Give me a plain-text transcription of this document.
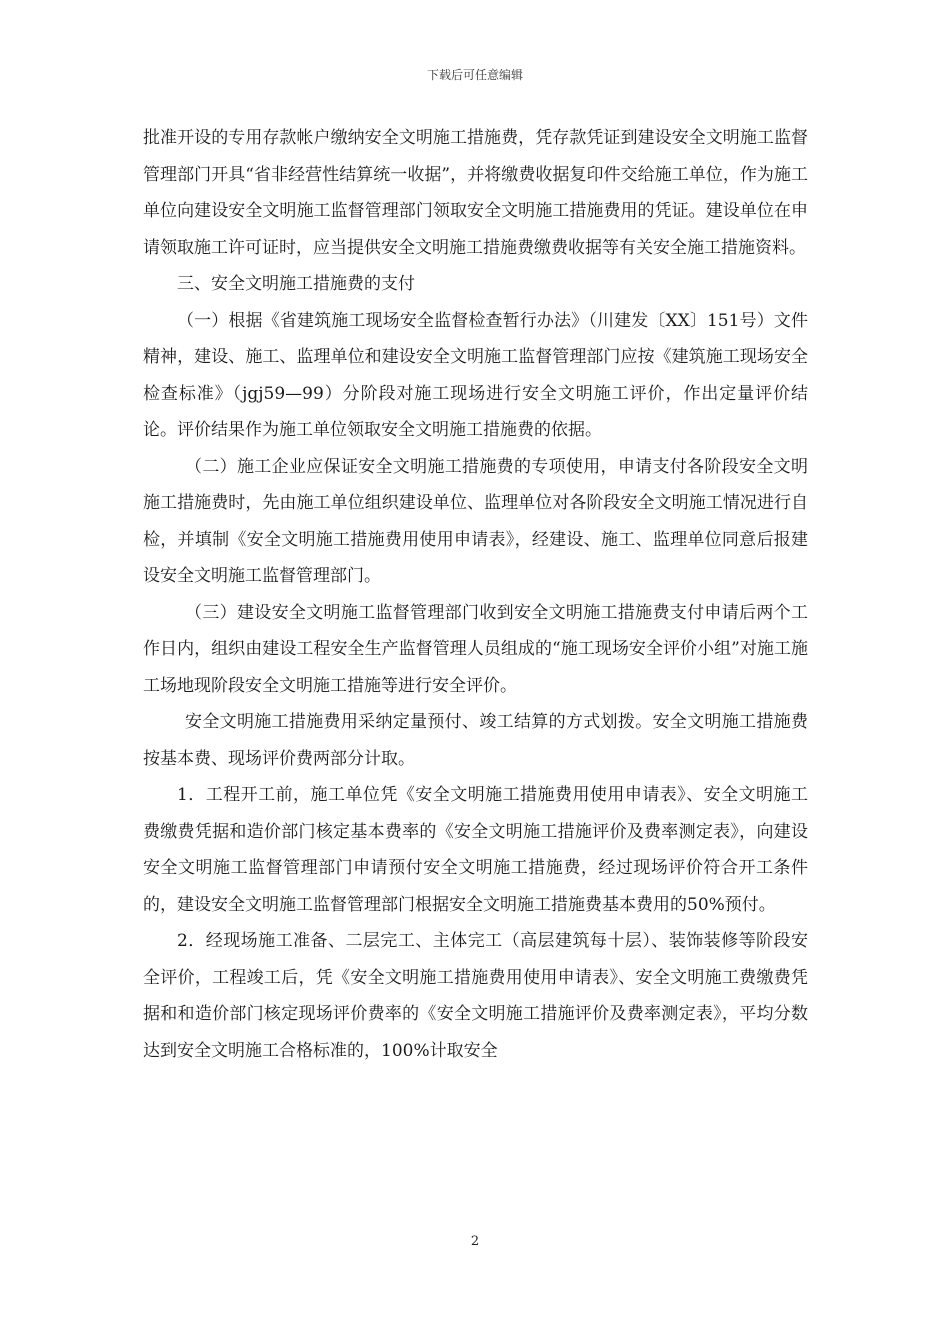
下载后可任意编辑

批准开设的专用存款帐户缴纳安全文明施工措施费，凭存款凭证到建设安全文明施工监督管理部门开具“省非经营性结算统一收据”，并将缴费收据复印件交给施工单位，作为施工单位向建设安全文明施工监督管理部门领取安全文明施工措施费用的凭证。建设单位在申请领取施工许可证时，应当提供安全文明施工措施费缴费收据等有关安全施工措施资料。

三、安全文明施工措施费的支付

（一）根据《省建筑施工现场安全监督检查暂行办法》（川建发〔XX〕151号）文件精神，建设、施工、监理单位和建设安全文明施工监督管理部门应按《建筑施工现场安全检查标准》（jgj59—99）分阶段对施工现场进行安全文明施工评价，作出定量评价结论。评价结果作为施工单位领取安全文明施工措施费的依据。

（二）施工企业应保证安全文明施工措施费的专项使用，申请支付各阶段安全文明施工措施费时，先由施工单位组织建设单位、监理单位对各阶段安全文明施工情况进行自检，并填制《安全文明施工措施费用使用申请表》，经建设、施工、监理单位同意后报建设安全文明施工监督管理部门。

（三）建设安全文明施工监督管理部门收到安全文明施工措施费支付申请后两个工作日内，组织由建设工程安全生产监督管理人员组成的“施工现场安全评价小组”对施工施工场地现阶段安全文明施工措施等进行安全评价。

安全文明施工措施费用采纳定量预付、竣工结算的方式划拨。安全文明施工措施费按基本费、现场评价费两部分计取。

1．工程开工前，施工单位凭《安全文明施工措施费用使用申请表》、安全文明施工费缴费凭据和造价部门核定基本费率的《安全文明施工措施评价及费率测定表》，向建设安全文明施工监督管理部门申请预付安全文明施工措施费，经过现场评价符合开工条件的，建设安全文明施工监督管理部门根据安全文明施工措施费基本费用的50%预付。

2．经现场施工准备、二层完工、主体完工（高层建筑每十层）、装饰装修等阶段安全评价，工程竣工后，凭《安全文明施工措施费用使用申请表》、安全文明施工费缴费凭据和和造价部门核定现场评价费率的《安全文明施工措施评价及费率测定表》，平均分数达到安全文明施工合格标准的，100%计取安全

2
